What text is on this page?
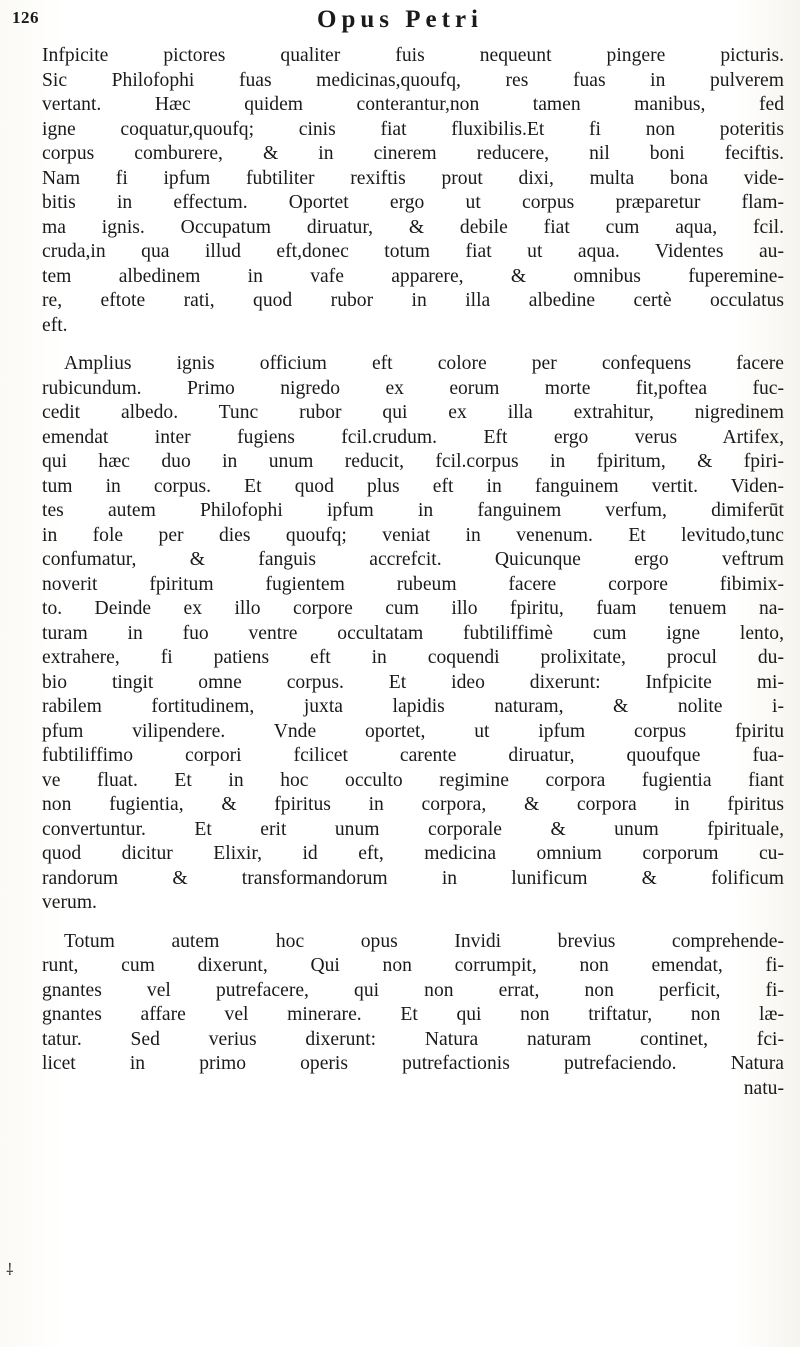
126	Opus Petri
Infpicite pictores qualiter fuis nequeunt pingere picturis.
Sic Philofophi fuas medicinas,quoufq, res fuas in pulverem
vertant. Hæc quidem conterantur,non tamen manibus, fed
igne coquatur,quoufq; cinis fiat fluxibilis.Et fi non poteritis
corpus comburere, & in cinerem reducere, nil boni feciftis.
Nam fi ipfum fubtiliter rexiftis prout dixi, multa bona vide-
bitis in effectum. Oportet ergo ut corpus præparetur flam-
ma ignis. Occupatum diruatur, & debile fiat cum aqua, fcil.
cruda,in qua illud eft,donec totum fiat ut aqua. Videntes au-
tem albedinem in vafe apparere, & omnibus fuperemine-
re, eftote rati, quod rubor in illa albedine certè occulatus
eft.
Amplius ignis officium eft colore per confequens facere
rubicundum. Primo nigredo ex eorum morte fit,poftea fuc-
cedit albedo. Tunc rubor qui ex illa extrahitur, nigredinem
emendat inter fugiens fcil.crudum. Eft ergo verus Artifex,
qui hæc duo in unum reducit, fcil.corpus in fpiritum, & fpiri-
tum in corpus. Et quod plus eft in fanguinem vertit. Viden-
tes autem Philofophi ipfum in fanguinem verfum, dimiferūt
in fole per dies quoufq; veniat in venenum. Et levitudo,tunc
confumatur, & fanguis accrefcit. Quicunque ergo veftrum
noverit fpiritum fugientem rubeum facere corpore fibimix-
to. Deinde ex illo corpore cum illo fpiritu, fuam tenuem na-
turam in fuo ventre occultatam fubtiliffimè cum igne lento,
extrahere, fi patiens eft in coquendi prolixitate, procul du-
bio tingit omne corpus. Et ideo dixerunt: Infpicite mi-
rabilem fortitudinem, juxta lapidis naturam, & nolite i-
pfum vilipendere. Vnde oportet, ut ipfum corpus fpiritu
fubtiliffimo corpori fcilicet carente diruatur, quoufque fua-
ve fluat. Et in hoc occulto regimine corpora fugientia fiant
non fugientia, & fpiritus in corpora, & corpora in fpiritus
convertuntur. Et erit unum corporale & unum fpirituale,
quod dicitur Elixir, id eft, medicina omnium corporum cu-
randorum & transformandorum in lunificum & folificum
verum.
Totum autem hoc opus Invidi brevius comprehende-
runt, cum dixerunt, Qui non corrumpit, non emendat, fi-
gnantes vel putrefacere, qui non errat, non perficit, fi-
gnantes affare vel minerare. Et qui non triftatur, non læ-
tatur. Sed verius dixerunt: Natura naturam continet, fci-
licet in primo operis putrefactionis putrefaciendo. Natura
natu-
⸸
